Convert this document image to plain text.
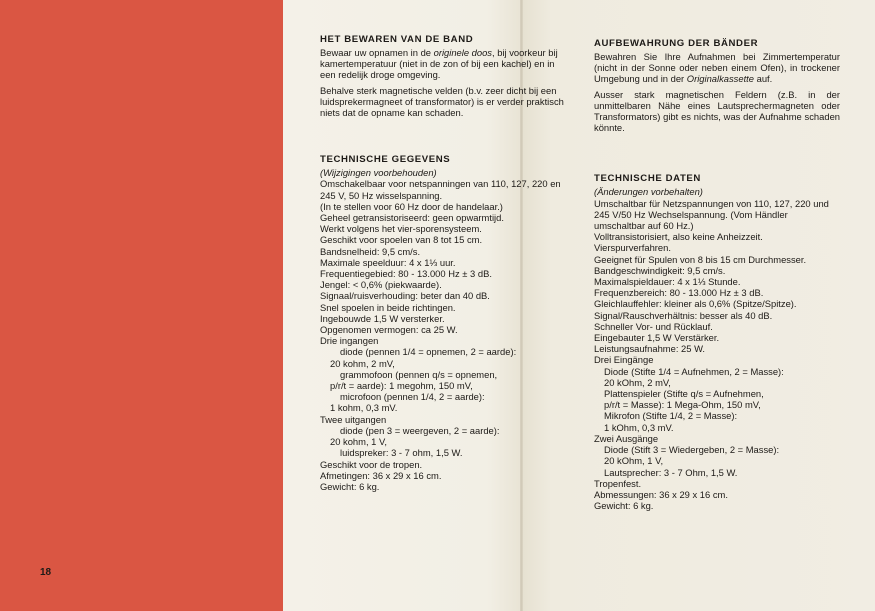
18
HET BEWAREN VAN DE BAND

Bewaar uw opnamen in de originele doos, bij voorkeur bij kamertemperatuur (niet in de zon of bij een kachel) en in een redelijk droge omgeving.

Behalve sterk magnetische velden (b.v. zeer dicht bij een luidsprekermagneet of transformator) is er verder praktisch niets dat de opname kan schaden.

TECHNISCHE GEGEVENS

(Wijzigingen voorbehouden)

Omschakelbaar voor netspanningen van 110, 127, 220 en 245 V, 50 Hz wisselspanning.
(In te stellen voor 60 Hz door de handelaar.)
Geheel getransistoriseerd: geen opwarmtijd.
Werkt volgens het vier-sporensysteem.
Geschikt voor spoelen van 8 tot 15 cm.
Bandsnelheid: 9,5 cm/s.
Maximale speelduur: 4 x 1⅓ uur.
Frequentiegebied: 80 - 13.000 Hz ± 3 dB.
Jengel: < 0,6% (piekwaarde).
Signaal/ruisverhouding: beter dan 40 dB.
Snel spoelen in beide richtingen.
Ingebouwde 1,5 W versterker.
Opgenomen vermogen: ca 25 W.
Drie ingangen
diode (pennen 1/4 = opnemen, 2 = aarde):
20 kohm, 2 mV,
grammofoon (pennen q/s = opnemen,
p/r/t = aarde): 1 megohm, 150 mV,
microfoon (pennen 1/4, 2 = aarde):
1 kohm, 0,3 mV.
Twee uitgangen
diode (pen 3 = weergeven, 2 = aarde):
20 kohm, 1 V,
luidspreker: 3 - 7 ohm, 1,5 W.
Geschikt voor de tropen.
Afmetingen: 36 x 29 x 16 cm.
Gewicht: 6 kg.
AUFBEWAHRUNG DER BÄNDER

Bewahren Sie Ihre Aufnahmen bei Zimmertemperatur (nicht in der Sonne oder neben einem Ofen), in trockener Umgebung und in der Originalkassette auf.

Ausser stark magnetischen Feldern (z.B. in der unmittelbaren Nähe eines Lautsprechermagneten oder Transformators) gibt es nichts, was der Aufnahme schaden könnte.

TECHNISCHE DATEN

(Änderungen vorbehalten)

Umschaltbar für Netzspannungen von 110, 127, 220 und 245 V/50 Hz Wechselspannung. (Vom Händler umschaltbar auf 60 Hz.)
Volltransistorisiert, also keine Anheizzeit.
Vierspurverfahren.
Geeignet für Spulen von 8 bis 15 cm Durchmesser.
Bandgeschwindigkeit: 9,5 cm/s.
Maximalspieldauer: 4 x 1⅓ Stunde.
Frequenzbereich: 80 - 13.000 Hz ± 3 dB.
Gleichlauffehler: kleiner als 0,6% (Spitze/Spitze).
Signal/Rauschverhältnis: besser als 40 dB.
Schneller Vor- und Rücklauf.
Eingebauter 1,5 W Verstärker.
Leistungsaufnahme: 25 W.
Drei Eingänge
Diode (Stifte 1/4 = Aufnehmen, 2 = Masse):
20 kOhm, 2 mV,
Plattenspieler (Stifte q/s = Aufnehmen,
p/r/t = Masse): 1 Mega-Ohm, 150 mV,
Mikrofon (Stifte 1/4, 2 = Masse):
1 kOhm, 0,3 mV.
Zwei Ausgänge
Diode (Stift 3 = Wiedergeben, 2 = Masse):
20 kOhm, 1 V,
Lautsprecher: 3 - 7 Ohm, 1,5 W.
Tropenfest.
Abmessungen: 36 x 29 x 16 cm.
Gewicht: 6 kg.
